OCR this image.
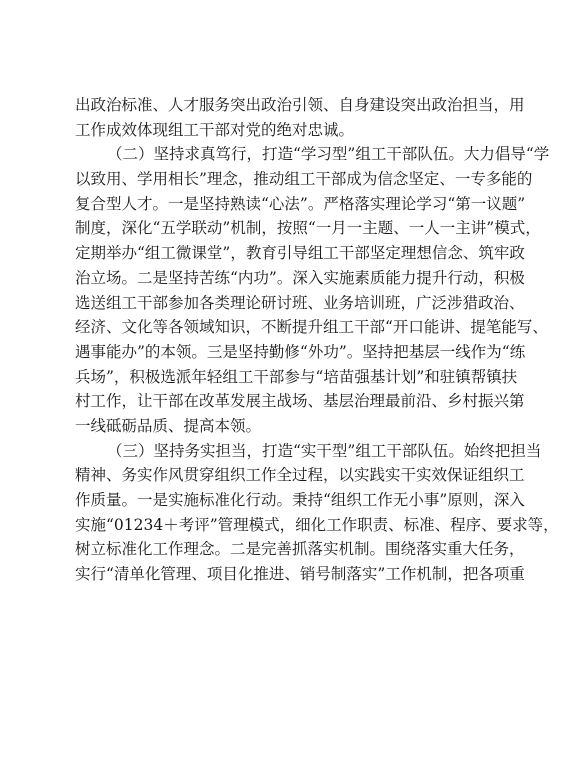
出政治标准、人才服务突出政治引领、自身建设突出政治担当，用
工作成效体现组工干部对党的绝对忠诚。
（二）坚持求真笃行，打造“学习型”组工干部队伍。大力倡导“学
以致用、学用相长”理念，推动组工干部成为信念坚定、一专多能的
复合型人才。一是坚持熟读“心法”。严格落实理论学习“第一议题”
制度，深化“五学联动”机制，按照“一月一主题、一人一主讲”模式，
定期举办“组工微课堂”，教育引导组工干部坚定理想信念、筑牢政
治立场。二是坚持苦练“内功”。深入实施素质能力提升行动，积极
选送组工干部参加各类理论研讨班、业务培训班，广泛涉猎政治、
经济、文化等各领域知识，不断提升组工干部“开口能讲、提笔能写、
遇事能办”的本领。三是坚持勤修“外功”。坚持把基层一线作为“练
兵场”，积极选派年轻组工干部参与“培苗强基计划”和驻镇帮镇扶
村工作，让干部在改革发展主战场、基层治理最前沿、乡村振兴第
一线砥砺品质、提高本领。
（三）坚持务实担当，打造“实干型”组工干部队伍。始终把担当
精神、务实作风贯穿组织工作全过程，以实践实干实效保证组织工
作质量。一是实施标准化行动。秉持“组织工作无小事”原则，深入
实施“01234＋考评”管理模式，细化工作职责、标准、程序、要求等，
树立标准化工作理念。二是完善抓落实机制。围绕落实重大任务，
实行“清单化管理、项目化推进、销号制落实”工作机制，把各项重
